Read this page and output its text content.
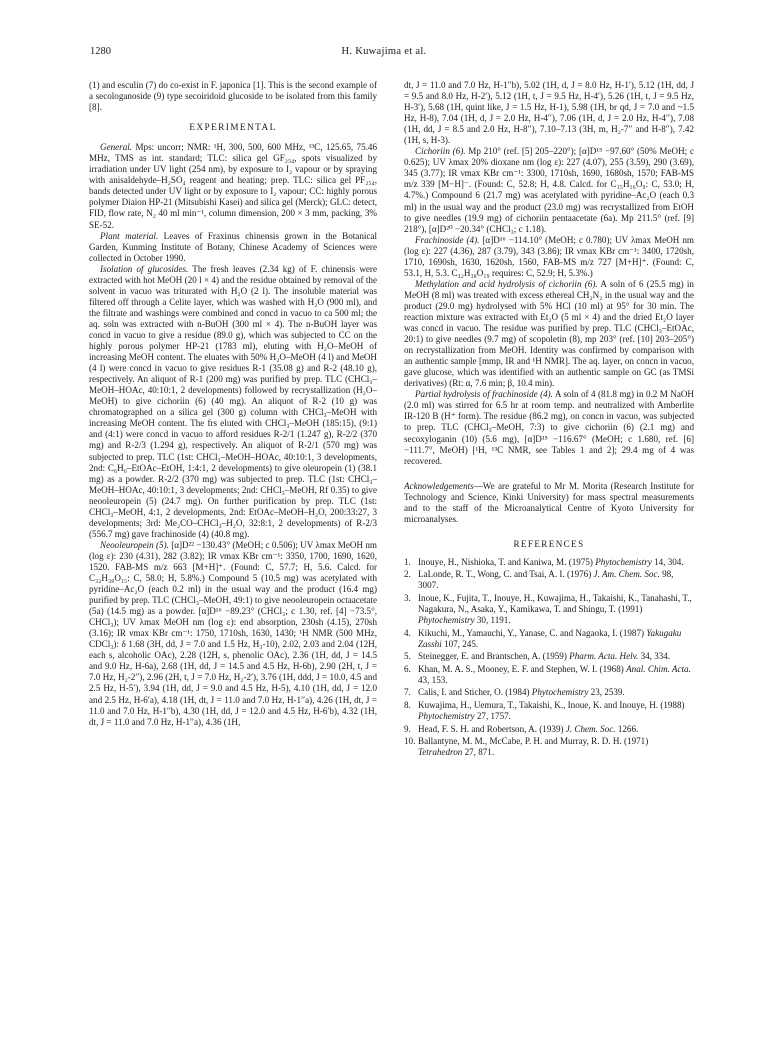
1280	H. Kuwajima et al.

(1) and esculin (7) do co-exist in F. japonica [1]. This is the second example of a secologanoside (9) type secoiridoid glucoside to be isolated from this family [8].

EXPERIMENTAL

General. Mps: uncorr; NMR: ¹H, 300, 500, 600 MHz, ¹³C, 125.65, 75.46 MHz, TMS as int. standard; TLC: silica gel GF₂₅₄, spots visualized by irradiation under UV light (254 nm), by exposure to I₂ vapour or by spraying with anisaldehyde–H₂SO₄ reagent and heating; prep. TLC: silica gel PF₂₅₄, bands detected under UV light or by exposure to I₂ vapour; CC: highly porous polymer Diaion HP-21 (Mitsubishi Kasei) and silica gel (Merck); GLC: detect, FID, flow rate, N₂ 40 ml min⁻¹, column dimension, 200 × 3 mm, packing, 3% SE-52.

Plant material. Leaves of Fraxinus chinensis grown in the Botanical Garden, Kunming Institute of Botany, Chinese Academy of Sciences were collected in October 1990.

Isolation of glucosides. The fresh leaves (2.34 kg) of F. chinensis were extracted with hot MeOH (20 l × 4) and the residue obtained by removal of the solvent in vacuo was triturated with H₂O (2 l). The insoluble material was filtered off through a Celite layer, which was washed with H₂O (900 ml), and the filtrate and washings were combined and concd in vacuo to ca 500 ml; the aq. soln was extracted with n-BuOH (300 ml × 4). The n-BuOH layer was concd in vacuo to give a residue (89.0 g), which was subjected to CC on the highly porous polymer HP-21 (1783 ml), eluting with H₂O–MeOH of increasing MeOH content. The eluates with 50% H₂O–MeOH (4 l) and MeOH (4 l) were concd in vacuo to give residues R-1 (35.08 g) and R-2 (48.10 g), respectively. An aliquot of R-1 (200 mg) was purified by prep. TLC (CHCl₃–MeOH–HOAc, 40:10:1, 2 developments) followed by recrystallization (H₂O–MeOH) to give cichoriin (6) (40 mg). An aliquot of R-2 (10 g) was chromatographed on a silica gel (300 g) column with CHCl₃–MeOH with increasing MeOH content. The frs eluted with CHCl₃–MeOH (185:15), (9:1) and (4:1) were concd in vacuo to afford residues R-2/1 (1.247 g), R-2/2 (370 mg) and R-2/3 (1.294 g), respectively. An aliquot of R-2/1 (570 mg) was subjected to prep. TLC (1st: CHCl₃–MeOH–HOAc, 40:10:1, 3 developments, 2nd: C₆H₆–EtOAc–EtOH, 1:4:1, 2 developments) to give oleuropein (1) (38.1 mg) as a powder. R-2/2 (370 mg) was subjected to prep. TLC (1st: CHCl₃–MeOH–HOAc, 40:10:1, 3 developments; 2nd: CHCl₃–MeOH, Rf 0.35) to give neooleuropein (5) (24.7 mg). On further purification by prep. TLC (1st: CHCl₃–MeOH, 4:1, 2 developments, 2nd: EtOAc–MeOH–H₂O, 200:33:27, 3 developments; 3rd: Me₂CO–CHCl₃–H₂O, 32:8:1, 2 developments) of R-2/3 (556.7 mg) gave frachinoside (4) (40.8 mg).

Neooleuropein (5). [α]D²² −130.43° (MeOH; c 0.506); UV λmax MeOH nm (log ε): 230 (4.31), 282 (3.82); IR νmax KBr cm⁻¹: 3350, 1700, 1690, 1620, 1520. FAB-MS m/z 663 [M+H]⁺. (Found: C, 57.7; H, 5.6. Calcd. for C₃₂H₃₈O₁₅: C, 58.0; H, 5.8%.) Compound 5 (10.5 mg) was acetylated with pyridine–Ac₂O (each 0.2 ml) in the usual way and the product (16.4 mg) purified by prep. TLC (CHCl₃–MeOH, 49:1) to give neooleuropein octaacetate (5a) (14.5 mg) as a powder. [α]D¹⁶ −89.23° (CHCl₃; c 1.30, ref. [4] −73.5°, CHCl₃); UV λmax MeOH nm (log ε): end absorption, 230sh (4.15), 270sh (3.16); IR νmax KBr cm⁻¹: 1750, 1710sh, 1630, 1430; ¹H NMR (500 MHz, CDCl₃): δ 1.68 (3H, dd, J = 7.0 and 1.5 Hz, H₃-10), 2.02, 2.03 and 2.04 (12H, each s, alcoholic OAc), 2.28 (12H, s, phenolic OAc), 2.36 (1H, dd, J = 14.5 and 9.0 Hz, H-6a), 2.68 (1H, dd, J = 14.5 and 4.5 Hz, H-6b), 2.90 (2H, t, J = 7.0 Hz, H₂-2′′), 2.96 (2H, t, J = 7.0 Hz, H₂-2′), 3.76 (1H, ddd, J = 10.0, 4.5 and 2.5 Hz, H-5′), 3.94 (1H, dd, J = 9.0 and 4.5 Hz, H-5), 4.10 (1H, dd, J = 12.0 and 2.5 Hz, H-6′a), 4.18 (1H, dt, J = 11.0 and 7.0 Hz, H-1′′a), 4.26 (1H, dt, J = 11.0 and 7.0 Hz, H-1′′b), 4.30 (1H, dd, J = 12.0 and 4.5 Hz, H-6′b), 4.32 (1H, dt, J = 11.0 and 7.0 Hz, H-1′′a), 4.36 (1H,

dt, J = 11.0 and 7.0 Hz, H-1′′b), 5.02 (1H, d, J = 8.0 Hz, H-1′), 5.12 (1H, dd, J = 9.5 and 8.0 Hz, H-2′), 5.12 (1H, t, J = 9.5 Hz, H-4′), 5.26 (1H, t, J = 9.5 Hz, H-3′), 5.68 (1H, quint like, J = 1.5 Hz, H-1), 5.98 (1H, br qd, J = 7.0 and ~1.5 Hz, H-8), 7.04 (1H, d, J = 2.0 Hz, H-4′′), 7.06 (1H, d, J = 2.0 Hz, H-4′′), 7.08 (1H, dd, J = 8.5 and 2.0 Hz, H-8′′), 7.10–7.13 (3H, m, H₂-7′′ and H-8′′), 7.42 (1H, s, H-3).

Cichoriin (6). Mp 210° (ref. [5] 205–220°); [α]D¹⁵ −97.60° (50% MeOH; c 0.625); UV λmax 20% dioxane nm (log ε): 227 (4.07), 255 (3.59), 290 (3.69), 345 (3.77); IR νmax KBr cm⁻¹: 3300, 1710sh, 1690, 1680sh, 1570; FAB-MS m/z 339 [M−H]⁻. (Found: C, 52.8; H, 4.8. Calcd. for C₁₅H₁₆O₉: C, 53.0; H, 4.7%.) Compound 6 (21.7 mg) was acetylated with pyridine–Ac₂O (each 0.3 ml) in the usual way and the product (23.0 mg) was recrystallized from EtOH to give needles (19.9 mg) of cichoriin pentaacetate (6a). Mp 211.5° (ref. [9] 218°), [α]D²⁰ −20.34° (CHCl₃; c 1.18).

Frachinoside (4). [α]D¹⁶ −114.10° (MeOH; c 0.780); UV λmax MeOH nm (log ε): 227 (4.36), 287 (3.79), 343 (3.86); IR νmax KBr cm⁻¹: 3400, 1720sh, 1710, 1690sh, 1630, 1620sh, 1560, FAB-MS m/z 727 [M+H]⁺. (Found: C, 53.1, H, 5.3. C₃₂H₃₈O₁₉ requires: C, 52.9; H, 5.3%.)

Methylation and acid hydrolysis of cichoriin (6). A soln of 6 (25.5 mg) in MeOH (8 ml) was treated with excess ethereal CH₂N₂ in the usual way and the product (29.0 mg) hydrolysed with 5% HCl (10 ml) at 95° for 30 min. The reaction mixture was extracted with Et₂O (5 ml × 4) and the dried Et₂O layer was concd in vacuo. The residue was purified by prep. TLC (CHCl₃–EtOAc, 20:1) to give needles (9.7 mg) of scopoletin (8), mp 203° (ref. [10] 203–205°) on recrystallization from MeOH. Identity was confirmed by comparison with an authentic sample [mmp, IR and ¹H NMR]. The aq. layer, on concn in vacuo, gave glucose, which was identified with an authentic sample on GC (as TMSi derivatives) (Rt: α, 7.6 min; β, 10.4 min).

Partial hydrolysis of frachinoside (4). A soln of 4 (81.8 mg) in 0.2 M NaOH (2.0 ml) was stirred for 6.5 hr at room temp. and neutralized with Amberlite IR-120 B (H⁺ form). The residue (86.2 mg), on concn in vacuo, was subjected to prep. TLC (CHCl₃–MeOH, 7:3) to give cichoriin (6) (2.1 mg) and secoxyloganin (10) (5.6 mg), [α]D¹⁵ −116.67° (MeOH; c 1.680, ref. [6] −111.7°, MeOH) [¹H, ¹³C NMR, see Tables 1 and 2]; 29.4 mg of 4 was recovered.

Acknowledgements—We are grateful to Mr M. Morita (Research Institute for Technology and Science, Kinki University) for mass spectral measurements and to the staff of the Microanalytical Centre of Kyoto University for microanalyses.

REFERENCES
1. Inouye, H., Nishioka, T. and Kaniwa, M. (1975) Phytochemistry 14, 304.
2. LaLonde, R. T., Wong, C. and Tsai, A. I. (1976) J. Am. Chem. Soc. 98, 3007.
3. Inoue, K., Fujita, T., Inouye, H., Kuwajima, H., Takaishi, K., Tanahashi, T., Nagakura, N., Asaka, Y., Kamikawa, T. and Shingu, T. (1991) Phytochemistry 30, 1191.
4. Kikuchi, M., Yamauchi, Y., Yanase, C. and Nagaoka, I. (1987) Yakugaku Zasshi 107, 245.
5. Steinegger, E. and Brantschen, A. (1959) Pharm. Acta. Helv. 34, 334.
6. Khan, M. A. S., Mooney, E. F. and Stephen, W. I. (1968) Anal. Chim. Acta. 43, 153.
7. Calis, I. and Sticher, O. (1984) Phytochemistry 23, 2539.
8. Kuwajima, H., Uemura, T., Takaishi, K., Inoue, K. and Inouye, H. (1988) Phytochemistry 27, 1757.
9. Head, F. S. H. and Robertson, A. (1939) J. Chem. Soc. 1266.
10. Ballantyne, M. M., McCabe, P. H. and Murray, R. D. H. (1971) Tetrahedron 27, 871.
